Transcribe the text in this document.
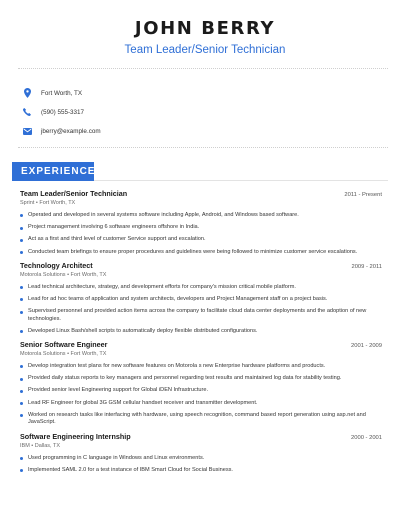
JOHN BERRY
Team Leader/Senior Technician
Fort Worth, TX
(590) 555-3317
jberry@example.com
EXPERIENCE
Team Leader/Senior Technician	2011 - Present
Sprint • Fort Worth, TX
Operated and developed in several systems software including Apple, Android, and Windows based software.
Project management involving 6 software engineers offshore in India.
Act as a first and third level of customer Service support and escalation.
Conducted team briefings to ensure proper procedures and guidelines were being followed to minimize customer service escalations.
Technology Architect	2009 - 2011
Motorola Solutions • Fort Worth, TX
Lead technical architecture, strategy, and development efforts for company's mission critical mobile platform.
Lead for ad hoc teams of application and system architects, developers and Project Management staff on a project basis.
Supervised personnel and provided action items across the company to facilitate cloud data center deployments and the adoption of new technologies.
Developed Linux Bash/shell scripts to automatically deploy flexible distributed configurations.
Senior Software Engineer	2001 - 2009
Motorola Solutions • Fort Worth, TX
Develop integration test plans for new software features on Motorola s new Enterprise hardware platforms and products.
Provided daily status reports to key managers and personnel regarding test results and maintained log data for stability testing.
Provided senior level Engineering support for Global iDEN Infrastructure.
Lead RF Engineer for global 3G GSM cellular handset receiver and transmitter development.
Worked on research tasks like interfacing with hardware, using speech recognition, command based report generation using asp.net and JavaScript.
Software Engineering Internship	2000 - 2001
IBM • Dallas, TX
Used programming in C language in Windows and Linux environments.
Implemented SAML 2.0 for a test instance of IBM Smart Cloud for Social Business.
